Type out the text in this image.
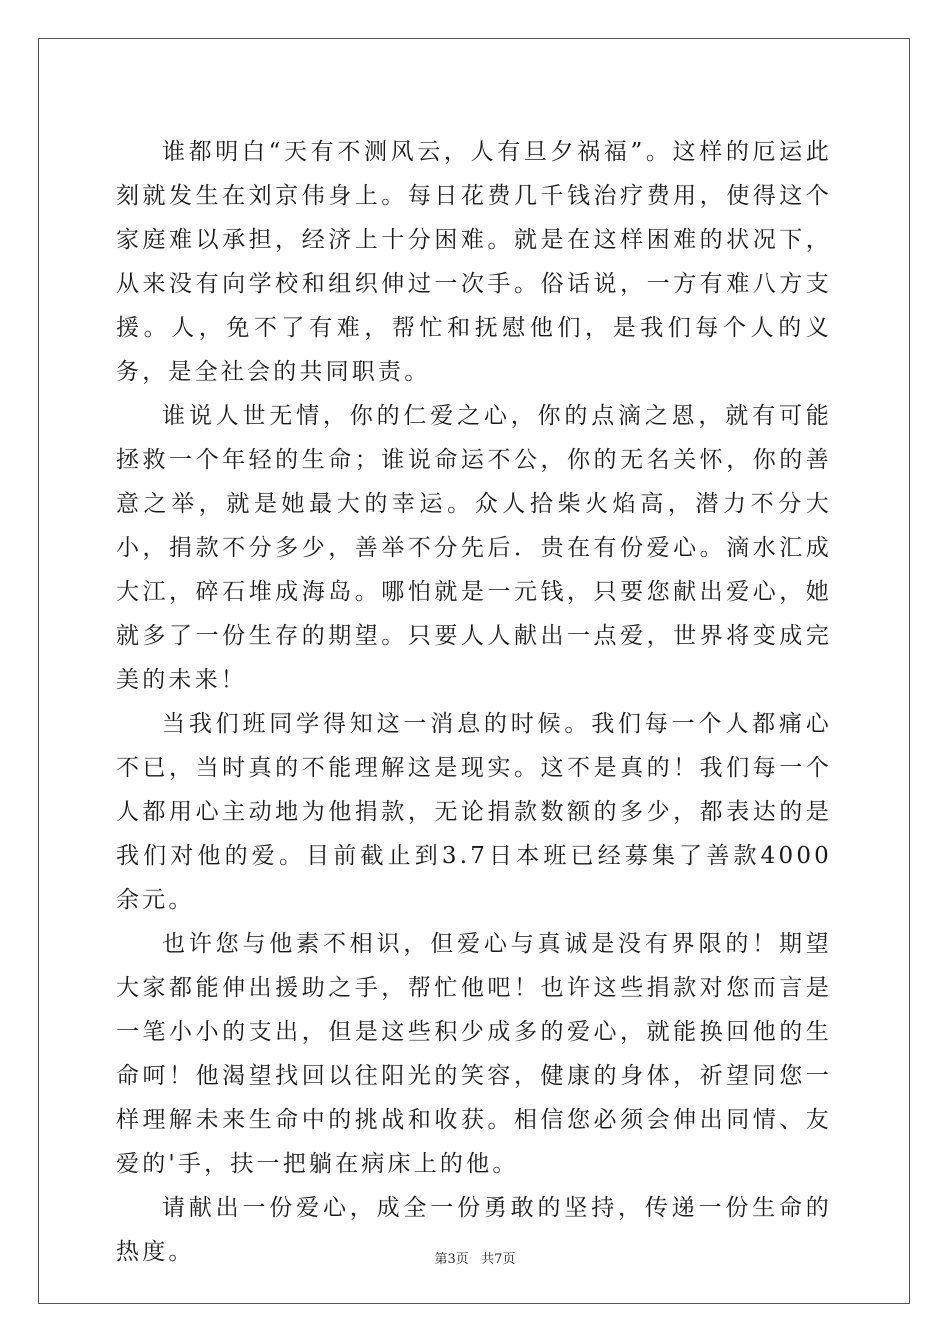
谁都明白“天有不测风云，人有旦夕祸福”。这样的厄运此刻就发生在刘京伟身上。每日花费几千钱治疗费用，使得这个家庭难以承担，经济上十分困难。就是在这样困难的状况下，从来没有向学校和组织伸过一次手。俗话说，一方有难八方支援。人，免不了有难，帮忙和抚慰他们，是我们每个人的义务，是全社会的共同职责。

谁说人世无情，你的仁爱之心，你的点滴之恩，就有可能拯救一个年轻的生命；谁说命运不公，你的无名关怀，你的善意之举，就是她最大的幸运。众人拾柴火焰高，潜力不分大小，捐款不分多少，善举不分先后．贵在有份爱心。滴水汇成大江，碎石堆成海岛。哪怕就是一元钱，只要您献出爱心，她就多了一份生存的期望。只要人人献出一点爱，世界将变成完美的未来！

当我们班同学得知这一消息的时候。我们每一个人都痛心不已，当时真的不能理解这是现实。这不是真的！我们每一个人都用心主动地为他捐款，无论捐款数额的多少，都表达的是我们对他的爱。目前截止到3.7日本班已经募集了善款4000余元。

也许您与他素不相识，但爱心与真诚是没有界限的！期望大家都能伸出援助之手，帮忙他吧！也许这些捐款对您而言是一笔小小的支出，但是这些积少成多的爱心，就能换回他的生命呵！他渴望找回以往阳光的笑容，健康的身体，祈望同您一样理解未来生命中的挑战和收获。相信您必须会伸出同情、友爱的'手，扶一把躺在病床上的他。

请献出一份爱心，成全一份勇敢的坚持，传递一份生命的热度。	第3页   共7页
